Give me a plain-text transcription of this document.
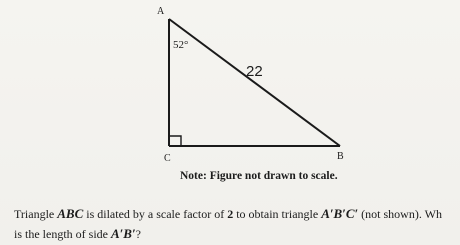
A
C	B
52°
22
Note: Figure not drawn to scale.
Triangle ABC is dilated by a scale factor of 2 to obtain triangle A′B′C′ (not shown). Wh
is the length of side A′B′?
